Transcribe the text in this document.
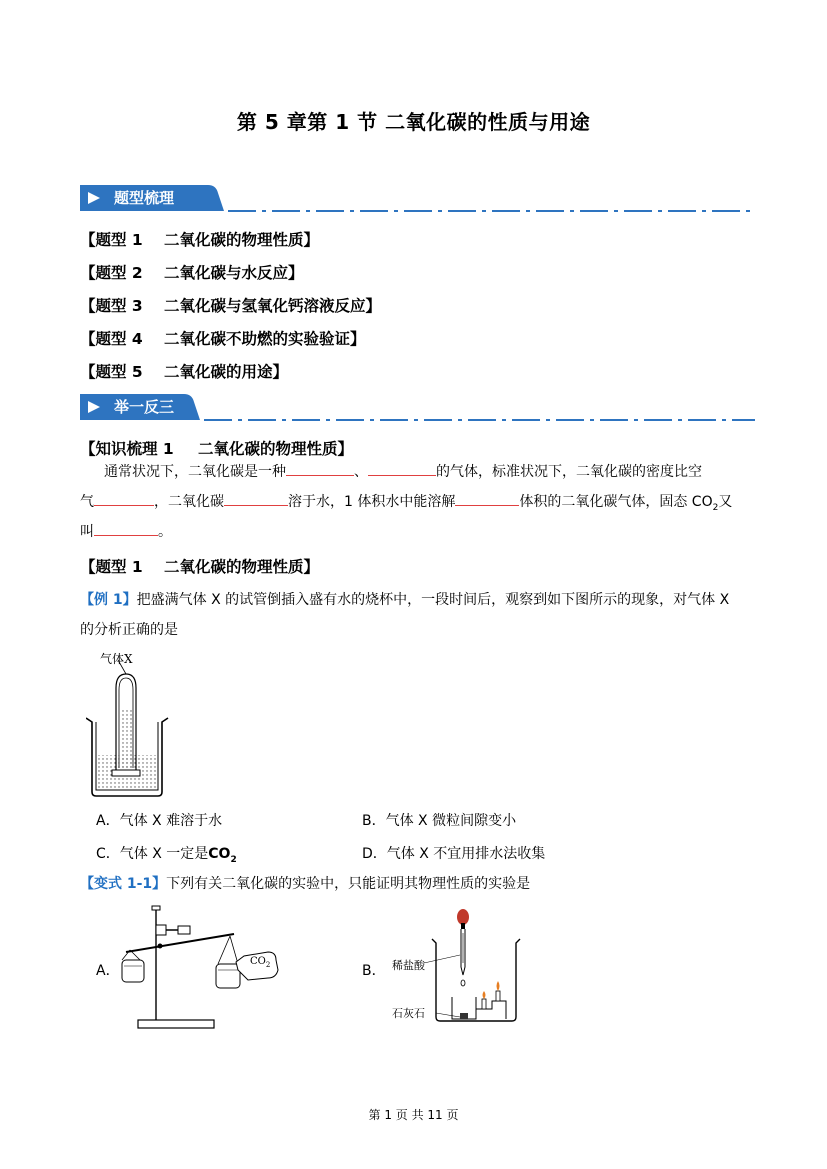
第 5 章第 1 节 二氧化碳的性质与用途
题型梳理
【题型 1 二氧化碳的物理性质】
【题型 2 二氧化碳与水反应】
【题型 3 二氧化碳与氢氧化钙溶液反应】
【题型 4 二氧化碳不助燃的实验验证】
【题型 5 二氧化碳的用途】
举一反三
【知识梳理 1 二氧化碳的物理性质】
通常状况下，二氧化碳是一种	、	的气体，标准状况下，二氧化碳的密度比空
气	，二氧化碳	溶于水，1 体积水中能溶解	体积的二氧化碳气体，固态 $CO_2$又
叫	。
【题型 1 二氧化碳的物理性质】
【例 1】把盛满气体 X 的试管倒插入盛有水的烧杯中，一段时间后，观察到如下图所示的现象，对气体 X
的分析正确的是
气体X
A．气体 X 难溶于水	B．气体 X 微粒间隙变小
C．气体 X 一定是$CO_2$	D．气体 X 不宜用排水法收集
【变式 1-1】下列有关二氧化碳的实验中，只能证明其物理性质的实验是
A．
$CO_2$	B． 稀盐酸
石灰石
第 1 页 共 11 页
